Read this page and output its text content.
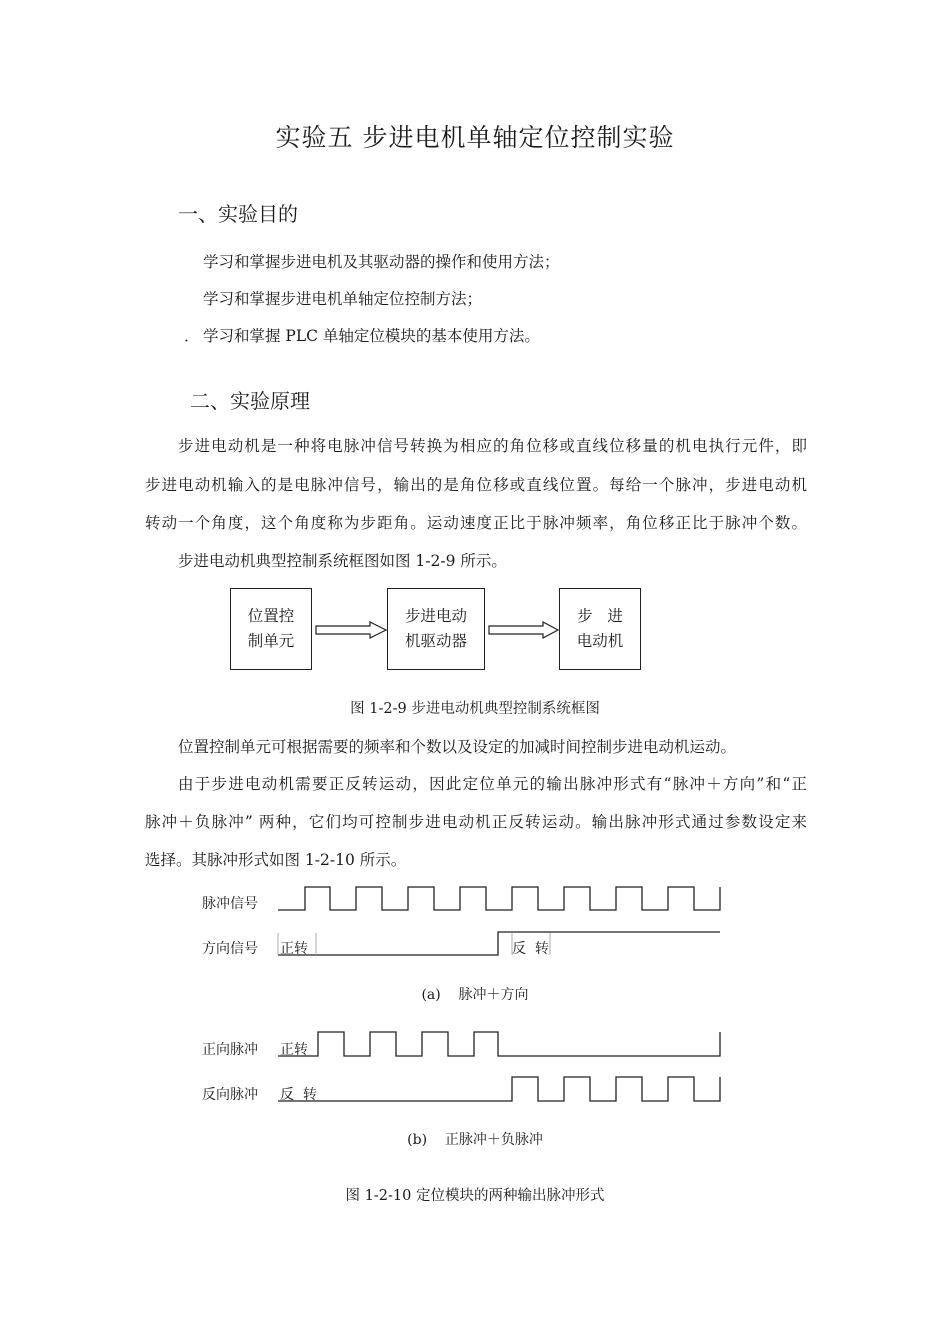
实验五 步进电机单轴定位控制实验
一、实验目的
学习和掌握步进电机及其驱动器的操作和使用方法；
学习和掌握步进电机单轴定位控制方法；
． 学习和掌握 PLC 单轴定位模块的基本使用方法。
二、实验原理
步进电动机是一种将电脉冲信号转换为相应的角位移或直线位移量的机电执行元件，即
步进电动机输入的是电脉冲信号，输出的是角位移或直线位置。每给一个脉冲，步进电动机
转动一个角度，这个角度称为步距角。运动速度正比于脉冲频率，角位移正比于脉冲个数。
步进电动机典型控制系统框图如图 1-2-9 所示。
位置控
制单元
步进电动
机驱动器
步   进
电动机
图 1-2-9 步进电动机典型控制系统框图
位置控制单元可根据需要的频率和个数以及设定的加减时间控制步进电动机运动。
由于步进电动机需要正反转运动，因此定位单元的输出脉冲形式有“脉冲＋方向”和“正
脉冲＋负脉冲” 两种，它们均可控制步进电动机正反转运动。输出脉冲形式通过参数设定来
选择。其脉冲形式如图 1-2-10 所示。
脉冲信号
方向信号 正转	反  转
(a)    脉冲＋方向
正向脉冲 正转
反向脉冲 反  转
(b)    正脉冲＋负脉冲
图 1-2-10 定位模块的两种输出脉冲形式
